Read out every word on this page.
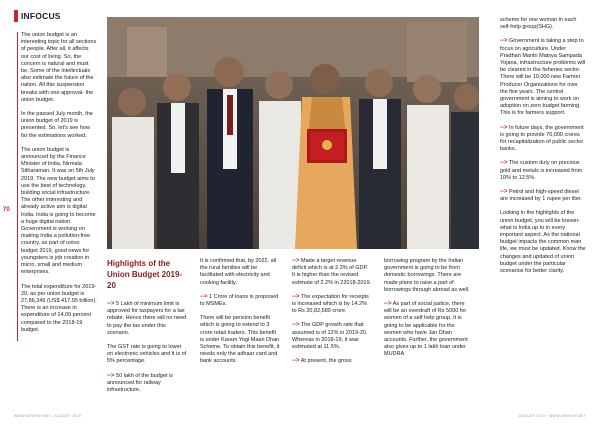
INFOCUS
70

The union budget is an interesting topic for all sections of people. After all, it affects our cost of living. So, the concern is natural and must be. Some of the intellectuals also estimate the future of the nation. All this suspension breaks with one approval- the union budget.

In the passed July month, the union budget of 2019 is presented. So, let's see how far the estimations worked.

The union budget is announced by the Finance Minister of India, Nirmala Sitharaman. It was on 5th July 2019. The new budget aims to use the best of technology, building social infrastructure. The other interesting and already active aim is digital India. India is going to become a huge digital nation. Government is working on making India a pollution-free country, as part of union budget 2019, good news for youngsters is job creation in micro, small and medium enterprises.

The total expenditure for 2019-20, as per union budget is 27,86,349 (US$ 417.95 billion). There is an increase in expenditure of 14.09 percent compared to the 2018-19 budget.

Highlights of the Union Budget 2019-20

--> 5 Lakh of minimum limit is approved for taxpayers for a tax rebate. Hence there will no need to pay the tax under this scenario.

The GST rate is going to lower on electronic vehicles and it is of 5% percentage.

--> 50 lakh of the budget is announced for railway infrastructure.

It is confirmed that, by 2022, all the rural families will be facilitated with electricity and cooking facility.

--> 1 Crore of loans is proposed to MSMEs.

There will be pension benefit which is going to extend to 3 crore retail traders. This benefit is under Karam Yogi Maan Dhan Scheme. To obtain this benefit, it needs only the adhaar card and bank accounts.

--> Made a target revenue deficit which is at 2.3% of GDP. It is higher than the revised estimate of 2.2% in 22018-2019.

--> The expectation for receipts is increased which is by 14.2% to Rs 20,82,589 crore.

--> The GDP growth rate that assumed is of 12% in 2019-20. Whereas in 2018-19, it was estimated at 11.5%.

--> At present, the gross

borrowing program by the Indian government is going to be from domestic borrowings. There are made plans to raise a part of borrowings through abroad as well.

--> As part of social justice, there will be an overdraft of Rs 5000 for women of a self help group. It is going to be applicable for the women who have Jan Dhan accounts. Further, the government also gives up to 1 lakh loan under MUDRA

scheme for one woman in each self-help group(SHG).

--> Government is taking a step to focus on agriculture. Under Pradhan Mantri Matsya Sampada Yojana, infrastructure problems will be cleared in the fisheries sector. There will be 10,000 new Farmer Producer Organizations for over the five years. The central government is aiming to work on adoption on zero budget farming. This is for farmers support.

--> In future days, the government is going to provide 70,000 crores for recapitalization of public sector banks.

--> The custom duty on precious gold and metals is increased from 10% to 12.5%.

--> Petrol and high-speed diesel are increased by 1 rupee per liter.

Looking in the highlights of the union budget, you will be known- what is India up to in every important aspect. As the national budget impacts the common man life, we must be updated. Know the changes and updated of union budget under the particular scenarios for better clarity.

WWW.NEWISH.NET | AUGUST 2019	AUGUST 2019 | WWW.NEWISH.NET
